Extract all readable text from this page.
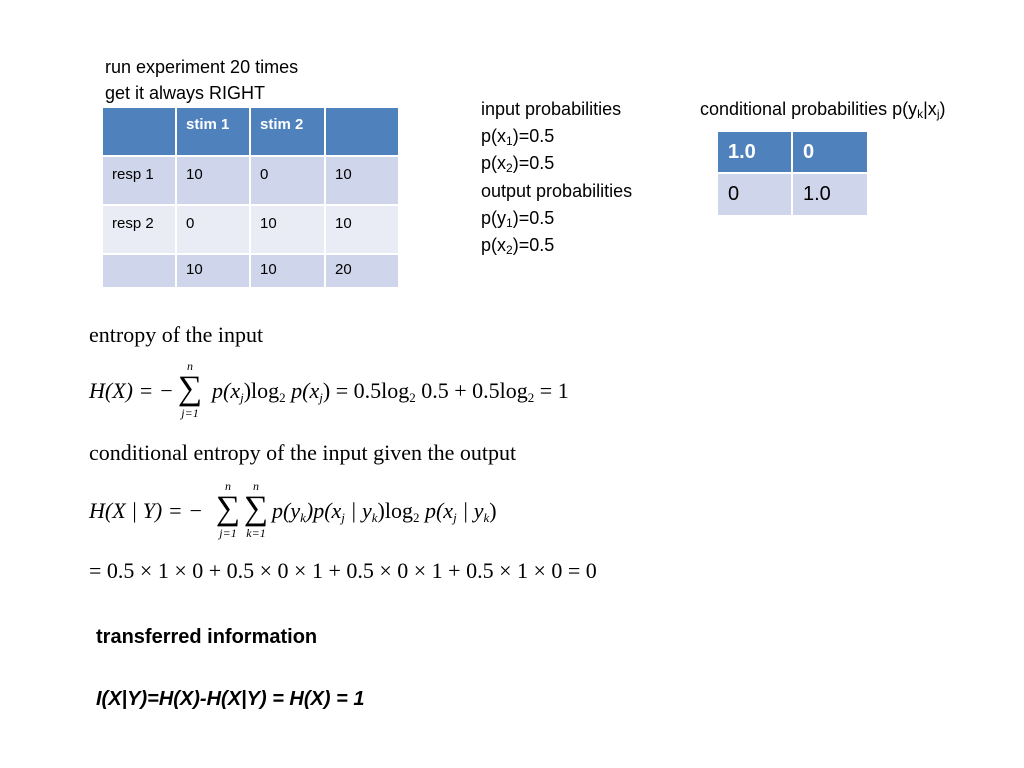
run experiment 20 times
get it always RIGHT
	stim 1	stim 2	
resp 1	10	0	10
resp 2	0	10	10
	10	10	20
input probabilities
$p(x_1)=0.5$
$p(x_2)=0.5$
output probabilities
$p(y_1)=0.5$
$p(x_2)=0.5$
conditional probabilities $p(y_k|x_j)$
1.0	0
0	1.0
entropy of the input
H(X) = −
n
∑
j=1
$p(x_j)\log_2$ $p(x_j) = 0.5\log_2$ $0.5 + 0.5\log_2 = 1$
conditional entropy of the input given the output
H(X | Y) = −
n
∑
j=1
n
∑
k=1
$p(y_k)p(x_j$ | $y_k)\log_2$ $p(x_j$ | $y_k$)
= 0.5 × 1 × 0 + 0.5 × 0 × 1 + 0.5 × 0 × 1 + 0.5 × 1 × 0 = 0
transferred information
I(X|Y)=H(X)-H(X|Y) = H(X) = 1
